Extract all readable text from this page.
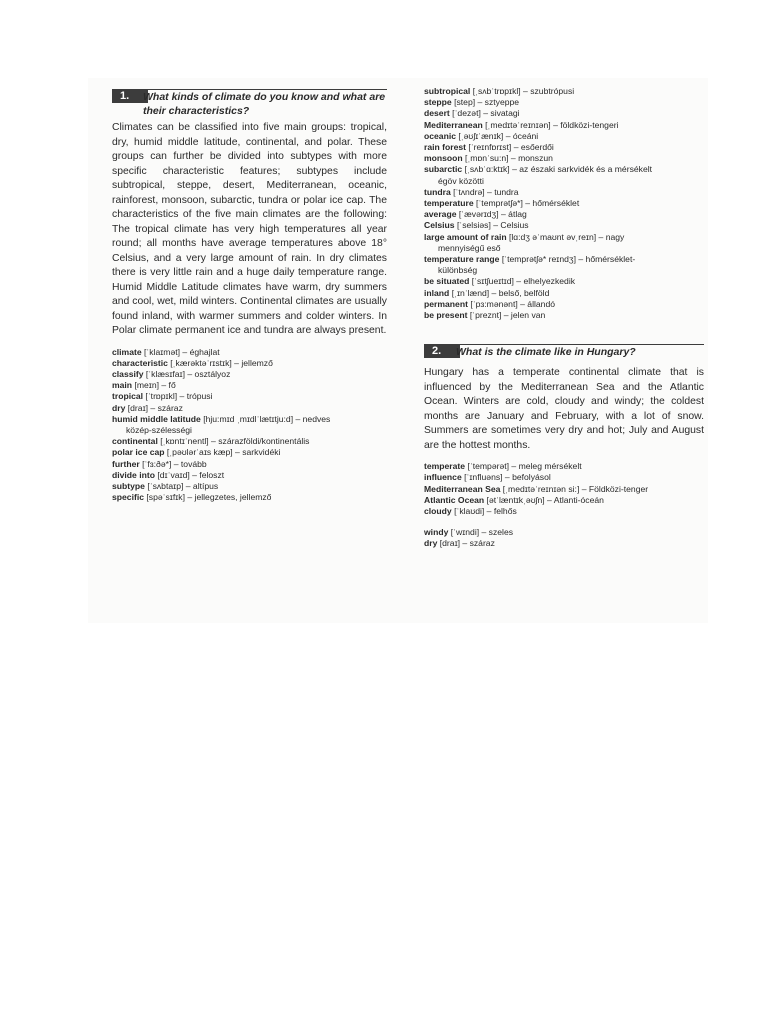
1.	What kinds of climate do you know and what are their characteristics?

Climates can be classified into five main groups: tropical, dry, humid middle latitude, continental, and polar. These groups can further be divided into subtypes with more specific characteristic features; subtypes include subtropical, steppe, desert, Mediterranean, oceanic, rainforest, monsoon, subarctic, tundra or polar ice cap. The characteristics of the five main climates are the following: The tropical climate has very high temperatures all year round; all months have average temperatures above 18° Celsius, and a very large amount of rain. In dry climates there is very little rain and a huge daily temperature range. Humid Middle Latitude climates have warm, dry summers and cool, wet, mild winters. Continental climates are usually found inland, with warmer summers and colder winters. In Polar climate permanent ice and tundra are always present.

climate [ˈklaɪmət] – éghajlat
characteristic [ˌkærəktəˈrɪstɪk] – jellemző
classify [ˈklæsɪfaɪ] – osztályoz
main [meɪn] – fő
tropical [ˈtrɒpɪkl] – trópusi
dry [draɪ] – száraz
humid middle latitude [hju:mɪd ˌmɪdlˈlætɪtju:d] – nedves
közép-szélességi
continental [ˌkɒntɪˈnentl] – szárazföldi/kontinentális
polar ice cap [ˌpəʊlərˈaɪs kæp] – sarkvidéki
further [ˈfɜ:ðə*] – tovább
divide into [dɪˈvaɪd] – feloszt
subtype [ˈsʌbtaɪp] – altípus
specific [spəˈsɪfɪk] – jellegzetes, jellemző
subtropical [ˌsʌbˈtrɒpɪkl] – szubtrópusi
steppe [step] – sztyeppe
desert [ˈdezət] – sivatagi
Mediterranean [ˌmedɪtəˈreɪnɪən] – földközi-tengeri
oceanic [ˌəʊʃɪˈænɪk] – óceáni
rain forest [ˈreɪnfɒrɪst] – esőerdői
monsoon [ˌmɒnˈsu:n] – monszun
subarctic [ˌsʌbˈɑ:ktɪk] – az északi sarkvidék és a mérsékelt
égöv közötti
tundra [ˈtʌndrə] – tundra
temperature [ˈtemprətʃə*] – hőmérséklet
average [ˈævərɪdʒ] – átlag
Celsius [ˈselsiəs] – Celsius
large amount of rain [lɑ:dʒ əˈmaʊnt əvˌreɪn] – nagy
mennyiségű eső
temperature range [ˈtemprətʃə* reɪndʒ] – hőmérséklet-
különbség
be situated [ˈsɪtʃueɪtɪd] – elhelyezkedik
inland [ˌɪnˈlænd] – belső, belföld
permanent [ˈpɜ:mənənt] – állandó
be present [ˈpreznt] – jelen van
2.	What is the climate like in Hungary?

Hungary has a temperate continental climate that is influenced by the Mediterranean Sea and the Atlantic Ocean. Winters are cold, cloudy and windy; the coldest months are January and February, with a lot of snow. Summers are sometimes very dry and hot; July and August are the hottest months.

temperate [ˈtempərət] – meleg mérsékelt
influence [ˈɪnfluəns] – befolyásol
Mediterranean Sea [ˌmedɪtəˈreɪnɪən si:] – Földközi-tenger
Atlantic Ocean [ətˈlæntɪkˌəʊʃn] – Atlanti-óceán
cloudy [ˈklaʊdi] – felhős
windy [ˈwɪndi] – szeles
dry [draɪ] – száraz
